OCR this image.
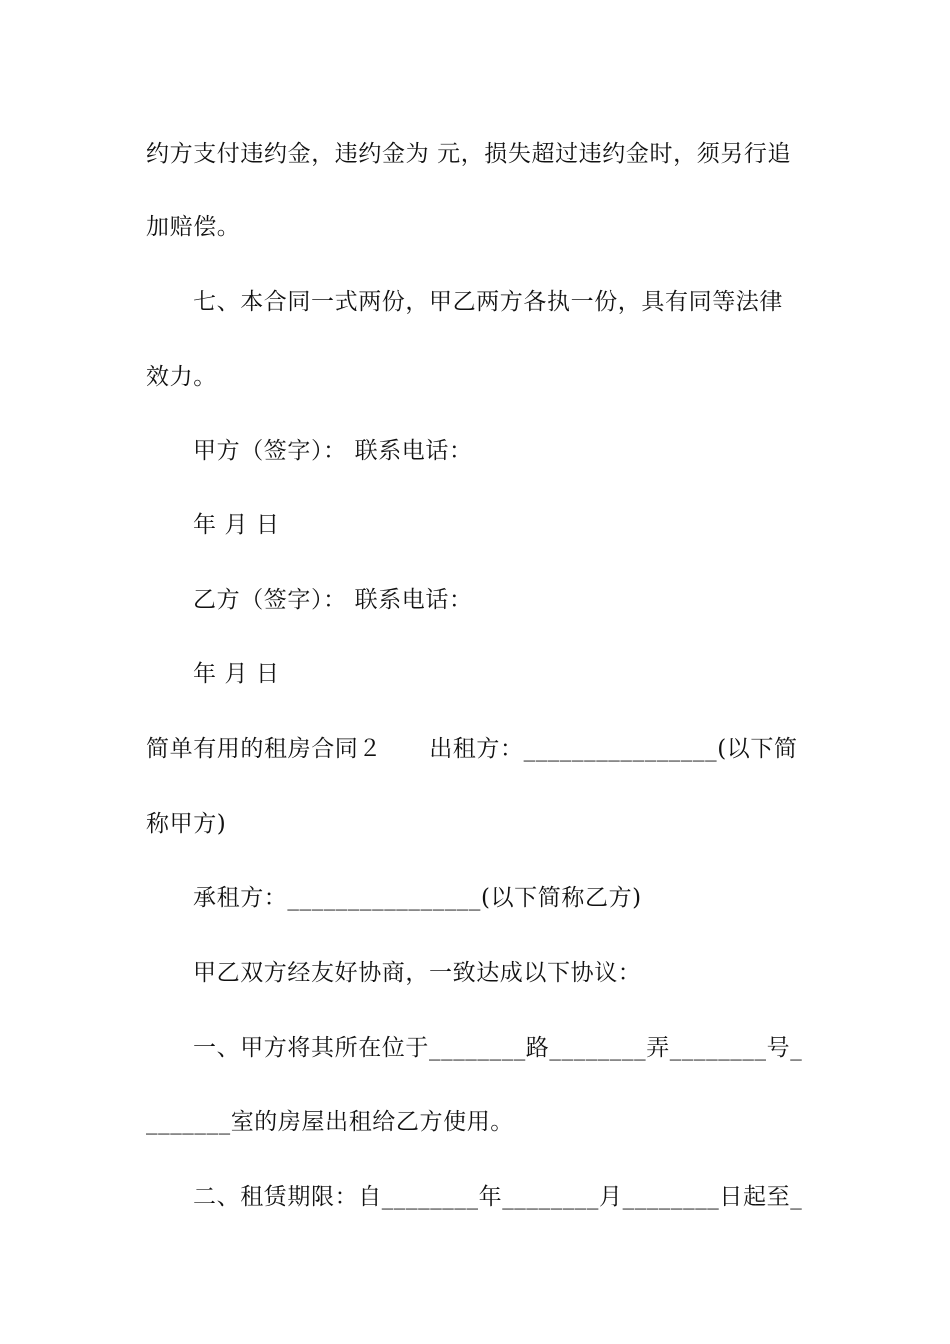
约方支付违约金，违约金为 元，损失超过违约金时，须另行追
加赔偿。
七、本合同一式两份，甲乙两方各执一份，具有同等法律
效力。
甲方（签字）： 联系电话：
年 月 日
乙方（签字）： 联系电话：
年 月 日
简单有用的租房合同２　　出租方：________________(以下简
称甲方)
承租方：________________(以下简称乙方)
甲乙双方经友好协商，一致达成以下协议：
一、甲方将其所在位于________路________弄________号_
_______室的房屋出租给乙方使用。
二、租赁期限：自________年________月________日起至_
